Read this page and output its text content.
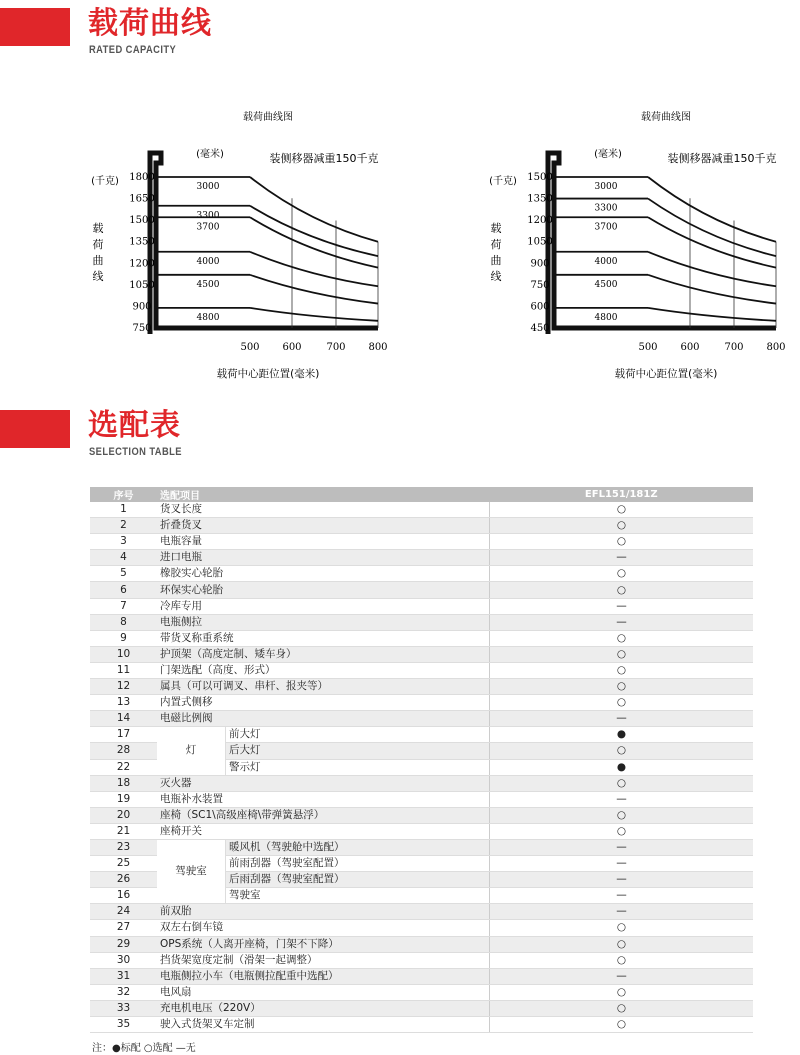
载荷曲线
RATED CAPACITY
载荷曲线图
(千克)
(毫米)	装侧移器减重150千克
载
荷
曲
线
1800
1650
1500
1350
1200
1050
900
750
500 600 700 800
载荷中心距位置(毫米)
3000
3300
3700
4000
4500
4800
载荷曲线图
(千克)
(毫米)	装侧移器减重150千克
载
荷
曲
线
1500
1350
1200
1050
900
750
600
450
500 600 700 800
载荷中心距位置(毫米)
3000
3300
3700
4000
4500
4800
选配表
SELECTION TABLE
序号	选配项目		EFL151/181Z
1	货叉长度		○
2	折叠货叉		○
3	电瓶容量		○
4	进口电瓶		—
5	橡胶实心轮胎		○
6	环保实心轮胎		○
7	冷库专用		—
8	电瓶侧拉		—
9	带货叉称重系统		○
10	护顶架（高度定制、矮车身）		○
11	门架选配（高度、形式）		○
12	属具（可以可调叉、串杆、报夹等）		○
13	内置式侧移		○
14	电磁比例阀		—
17	灯	前大灯	●
28		后大灯	○
22		警示灯	●
18	灭火器		○
19	电瓶补水装置		—
20	座椅（SC1\高级座椅\带弹簧悬浮）		○
21	座椅开关		○
23	驾驶室	暖风机（驾驶舱中选配）	—
25		前雨刮器（驾驶室配置）	—
26		后雨刮器（驾驶室配置）	—
16		驾驶室	—
24	前双胎		—
27	双左右倒车镜		○
29	OPS系统（人离开座椅，门架不下降）		○
30	挡货架宽度定制（滑架一起调整）		○
31	电瓶侧拉小车（电瓶侧拉配重中选配）		—
32	电风扇		○
33	充电机电压（220V）		○
35	驶入式货架叉车定制		○
注：●标配 ○选配 —无
